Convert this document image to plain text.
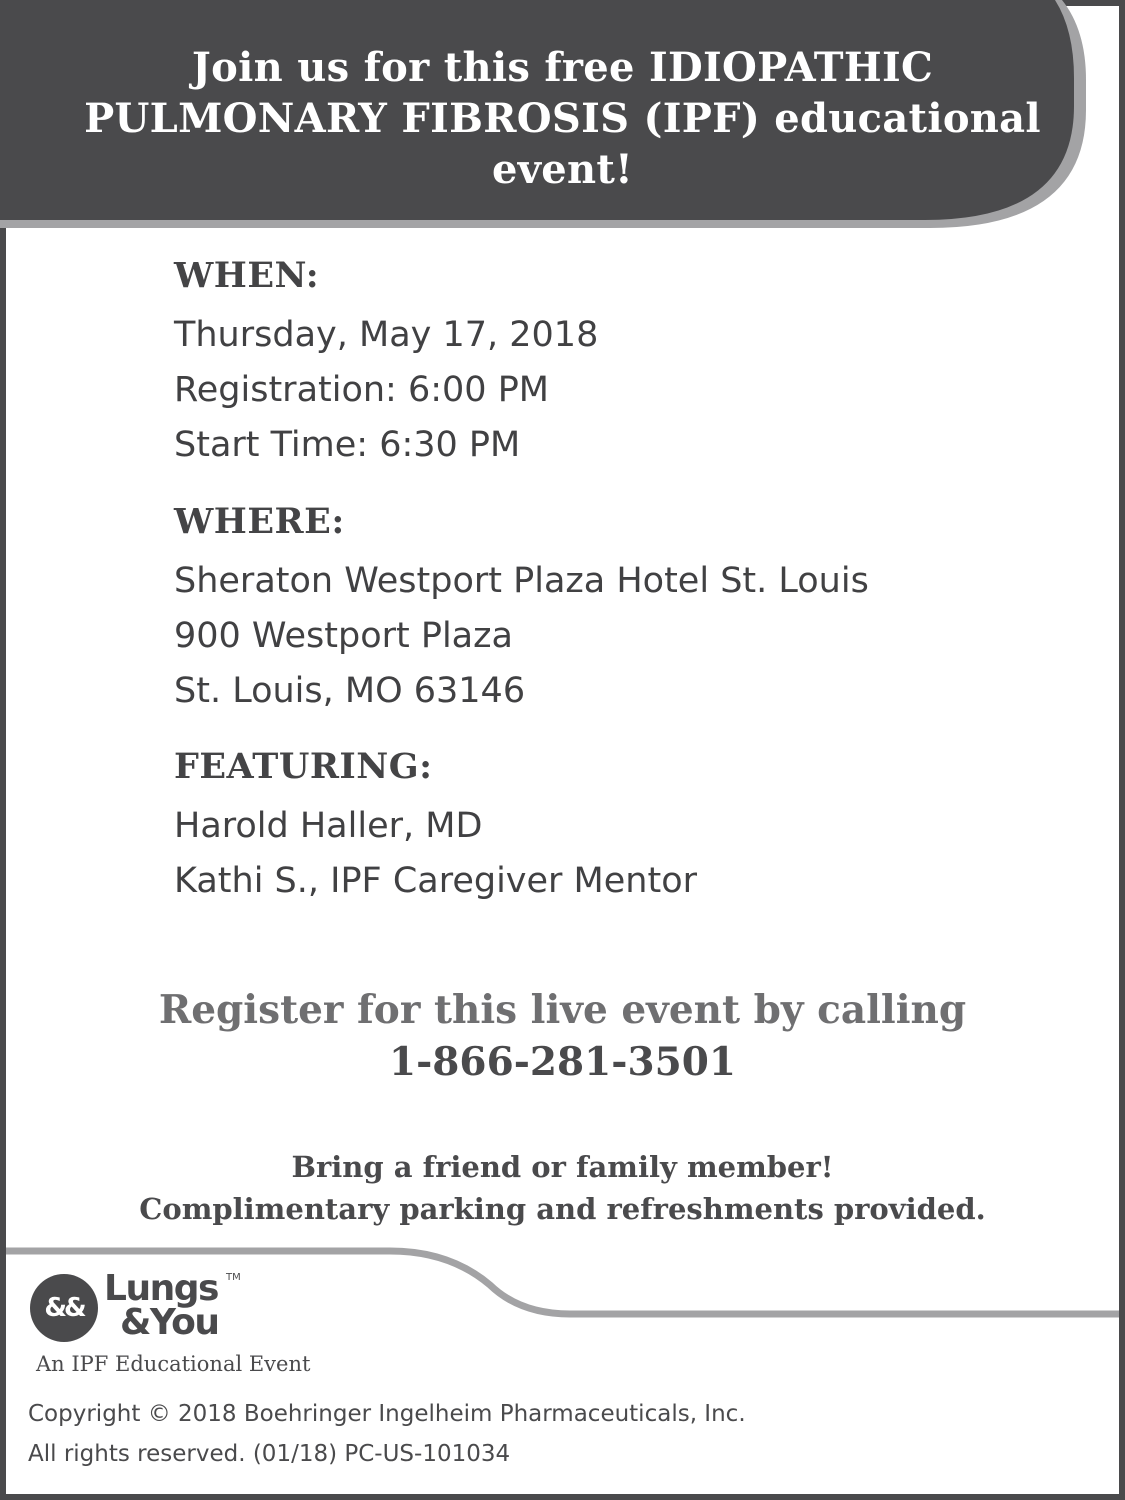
Join us for this free IDIOPATHIC PULMONARY FIBROSIS (IPF) educational event!

WHEN:

Thursday, May 17, 2018

Registration: 6:00 PM

Start Time: 6:30 PM

WHERE:

Sheraton Westport Plaza Hotel St. Louis

900 Westport Plaza

St. Louis, MO 63146

FEATURING:

Harold Haller, MD

Kathi S., IPF Caregiver Mentor

Register for this live event by calling
1-866-281-3501
Bring a friend or family member!
Complimentary parking and refreshments provided.
&& Lungs TM
&You
An IPF Educational Event
Copyright © 2018 Boehringer Ingelheim Pharmaceuticals, Inc.
All rights reserved. (01/18) PC-US-101034
